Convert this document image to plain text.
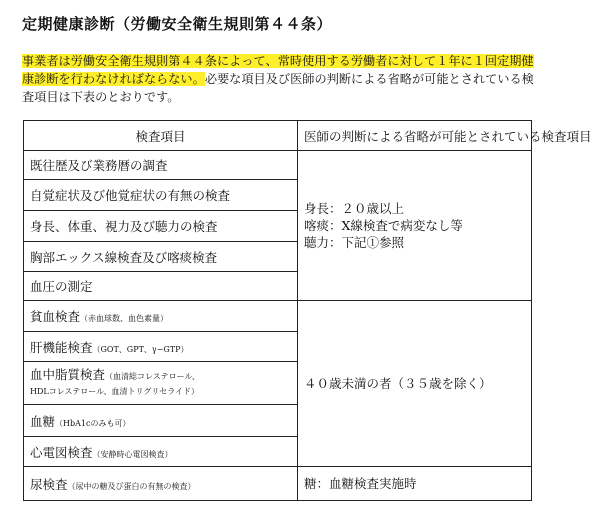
定期健康診断（労働安全衛生規則第４４条）

事業者は労働安全衛生規則第４４条によって、常時使用する労働者に対して１年に１回定期健康診断を行わなければならない。必要な項目及び医師の判断による省略が可能とされている検査項目は下表のとおりです。

検査項目	医師の判断による省略が可能とされている検査項目
既往歴及び業務暦の調査	身長：２０歳以上
喀痰：X線検査で病変なし等
聴力：下記①参照

自覚症状及び他覚症状の有無の検査	
身長、体重、視力及び聴力の検査	
胸部エックス線検査及び喀痰検査	
血圧の測定	
貧血検査（赤血球数、血色素量）	４０歳未満の者（３５歳を除く）

肝機能検査（GOT、GPT、γ−GTP）	

血中脂質検査（血清総コレステロール、
HDLコレステロール、血清トリグリセライド）	

血糖（HbA1cのみも可）	
心電図検査（安静時心電図検査）	
尿検査（尿中の糖及び蛋白の有無の検査）	糖：血糖検査実施時
